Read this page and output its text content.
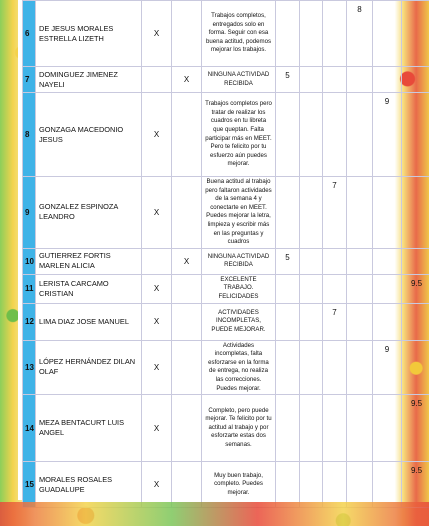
6	DE JESUS MORALES ESTRELLA LIZETH	X		Trabajos completos, entregados solo en forma. Seguir con esa buena actitud, podemos mejorar los trabajos.				8		
7	DOMINGUEZ JIMENEZ NAYELI		X	NINGUNA ACTIVIDAD RECIBIDA	5					
8	GONZAGA MACEDONIO JESUS	X		Trabajos completos pero tratar de realizar los cuadros en tu libreta que queptan. Falta participar más en MEET. Pero te felicito por tu esfuerzo aún puedes mejorar.					9	
9	GONZALEZ ESPINOZA LEANDRO	X		Buena actitud al trabajo pero faltaron actividades de la semana 4 y conectarte en MEET. Puedes mejorar la letra, limpieza y escribir más en las preguntas y cuadros			7			
10	GUTIERREZ FORTIS MARLEN ALICIA		X	NINGUNA ACTIVIDAD RECIBIDA	5					
11	LERISTA CARCAMO CRISTIAN	X		EXCELENTE TRABAJO. FELICIDADES						9.5
12	LIMA DIAZ JOSE MANUEL	X		ACTIVIDADES INCOMPLETAS, PUEDE MEJORAR.			7			
13	LÓPEZ HERNÁNDEZ DILAN OLAF	X		Actividades incompletas, falta esforzarse en la forma de entrega, no realiza las correcciones. Puedes mejorar.					9	
14	MEZA BENTACURT LUIS ANGEL	X		Completo, pero puede mejorar. Te felicito por tu actitud al trabajo y por esforzarte estas dos semanas.						9.5
15	MORALES ROSALES GUADALUPE	X		Muy buen trabajo, completo. Puedes mejorar.						9.5
